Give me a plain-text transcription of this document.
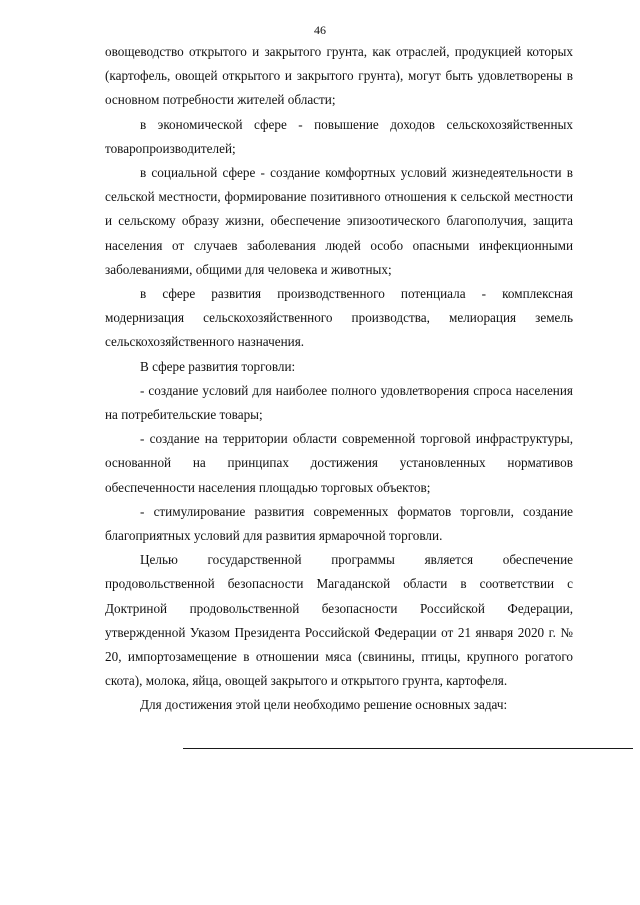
46

овощеводство открытого и закрытого грунта, как отраслей, продукцией которых (картофель, овощей открытого и закрытого грунта), могут быть удовлетворены в основном потребности жителей области;

в экономической сфере - повышение доходов сельскохозяйственных товаропроизводителей;

в социальной сфере - создание комфортных условий жизнедеятельности в сельской местности, формирование позитивного отношения к сельской местности и сельскому образу жизни, обеспечение эпизоотического благополучия, защита населения от случаев заболевания людей особо опасными инфекционными заболеваниями, общими для человека и животных;

в сфере развития производственного потенциала - комплексная модернизация сельскохозяйственного производства, мелиорация земель сельскохозяйственного назначения.

В сфере развития торговли:

- создание условий для наиболее полного удовлетворения спроса населения на потребительские товары;

- создание на территории области современной торговой инфраструктуры, основанной на принципах достижения установленных нормативов обеспеченности населения площадью торговых объектов;

- стимулирование развития современных форматов торговли, создание благоприятных условий для развития ярмарочной торговли.

Целью государственной программы является обеспечение продовольственной безопасности Магаданской области в соответствии с Доктриной продовольственной безопасности Российской Федерации, утвержденной Указом Президента Российской Федерации от 21 января 2020 г. № 20, импортозамещение в отношении мяса (свинины, птицы, крупного рогатого скота), молока, яйца, овощей закрытого и открытого грунта, картофеля.

Для достижения этой цели необходимо решение основных задач:
